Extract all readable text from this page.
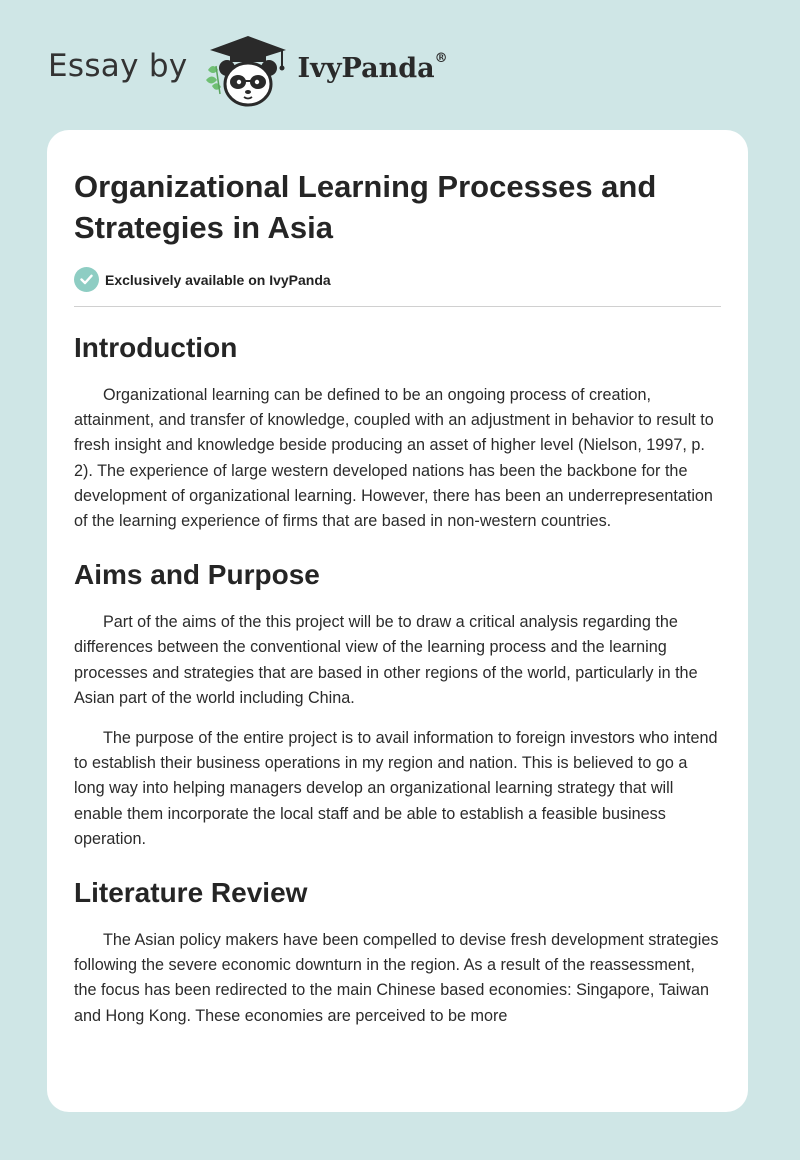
Essay by	IvyPanda®
Organizational Learning Processes and Strategies in Asia
Exclusively available on IvyPanda
Introduction

Organizational learning can be defined to be an ongoing process of creation, attainment, and transfer of knowledge, coupled with an adjustment in behavior to result to fresh insight and knowledge beside producing an asset of higher level (Nielson, 1997, p. 2). The experience of large western developed nations has been the backbone for the development of organizational learning. However, there has been an underrepresentation of the learning experience of firms that are based in non-western countries.

Aims and Purpose

Part of the aims of the this project will be to draw a critical analysis regarding the differences between the conventional view of the learning process and the learning processes and strategies that are based in other regions of the world, particularly in the Asian part of the world including China.

The purpose of the entire project is to avail information to foreign investors who intend to establish their business operations in my region and nation. This is believed to go a long way into helping managers develop an organizational learning strategy that will enable them incorporate the local staff and be able to establish a feasible business operation.

Literature Review

The Asian policy makers have been compelled to devise fresh development strategies following the severe economic downturn in the region. As a result of the reassessment, the focus has been redirected to the main Chinese based economies: Singapore, Taiwan and Hong Kong. These economies are perceived to be more
